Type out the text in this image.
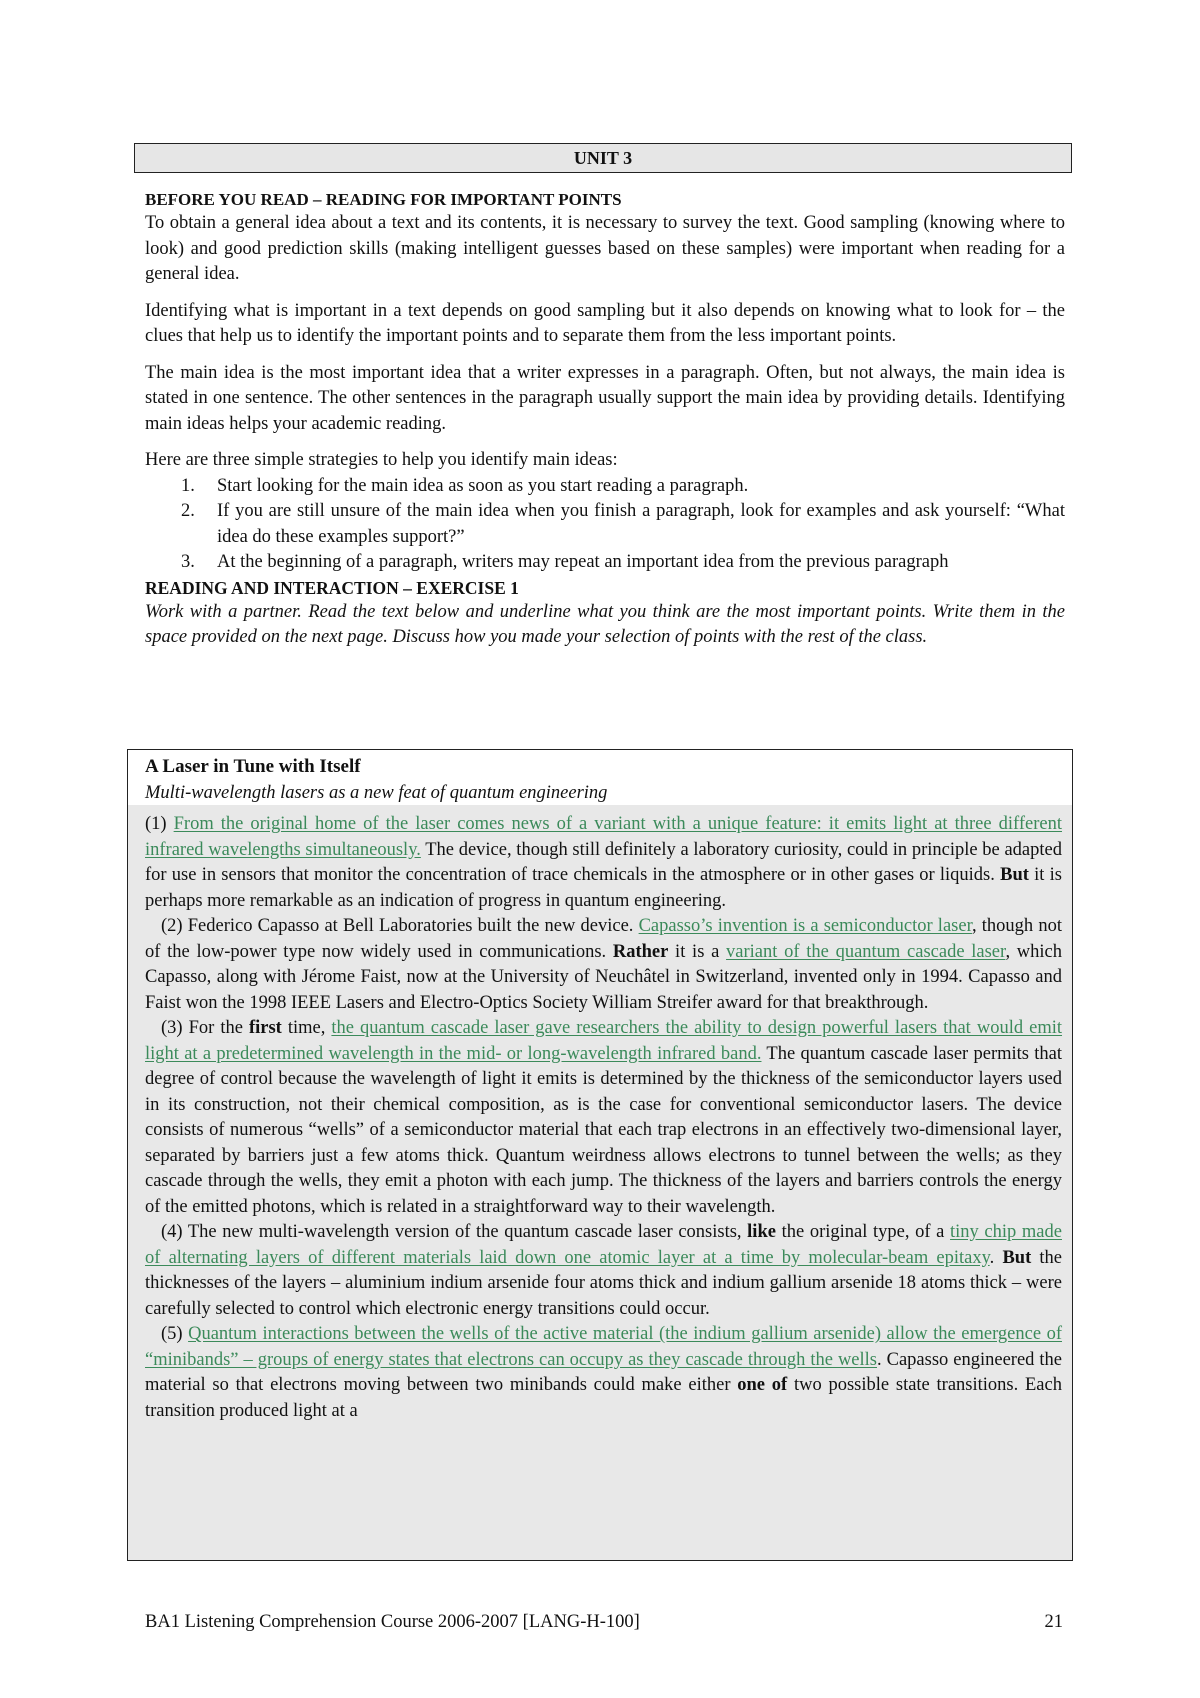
UNIT 3
BEFORE YOU READ – READING FOR IMPORTANT POINTS

To obtain a general idea about a text and its contents, it is necessary to survey the text. Good sampling (knowing where to look) and good prediction skills (making intelligent guesses based on these samples) were important when reading for a general idea.

Identifying what is important in a text depends on good sampling but it also depends on knowing what to look for – the clues that help us to identify the important points and to separate them from the less important points.

The main idea is the most important idea that a writer expresses in a paragraph. Often, but not always, the main idea is stated in one sentence. The other sentences in the paragraph usually support the main idea by providing details. Identifying main ideas helps your academic reading.

Here are three simple strategies to help you identify main ideas:
1. Start looking for the main idea as soon as you start reading a paragraph.
2. If you are still unsure of the main idea when you finish a paragraph, look for examples and ask yourself: “What idea do these examples support?”
3. At the beginning of a paragraph, writers may repeat an important idea from the previous paragraph
READING AND INTERACTION – EXERCISE 1
Work with a partner. Read the text below and underline what you think are the most important points. Write them in the space provided on the next page. Discuss how you made your selection of points with the rest of the class.
A Laser in Tune with Itself
Multi-wavelength lasers as a new feat of quantum engineering

(1) From the original home of the laser comes news of a variant with a unique feature: it emits light at three different infrared wavelengths simultaneously. The device, though still definitely a laboratory curiosity, could in principle be adapted for use in sensors that monitor the concentration of trace chemicals in the atmosphere or in other gases or liquids. But it is perhaps more remarkable as an indication of progress in quantum engineering.

(2) Federico Capasso at Bell Laboratories built the new device. Capasso’s invention is a semiconductor laser, though not of the low-power type now widely used in communications. Rather it is a variant of the quantum cascade laser, which Capasso, along with Jérome Faist, now at the University of Neuchâtel in Switzerland, invented only in 1994. Capasso and Faist won the 1998 IEEE Lasers and Electro-Optics Society William Streifer award for that breakthrough.

(3) For the first time, the quantum cascade laser gave researchers the ability to design powerful lasers that would emit light at a predetermined wavelength in the mid- or long-wavelength infrared band. The quantum cascade laser permits that degree of control because the wavelength of light it emits is determined by the thickness of the semiconductor layers used in its construction, not their chemical composition, as is the case for conventional semiconductor lasers. The device consists of numerous “wells” of a semiconductor material that each trap electrons in an effectively two-dimensional layer, separated by barriers just a few atoms thick. Quantum weirdness allows electrons to tunnel between the wells; as they cascade through the wells, they emit a photon with each jump. The thickness of the layers and barriers controls the energy of the emitted photons, which is related in a straightforward way to their wavelength.

(4) The new multi-wavelength version of the quantum cascade laser consists, like the original type, of a tiny chip made of alternating layers of different materials laid down one atomic layer at a time by molecular-beam epitaxy. But the thicknesses of the layers – aluminium indium arsenide four atoms thick and indium gallium arsenide 18 atoms thick – were carefully selected to control which electronic energy transitions could occur.

(5) Quantum interactions between the wells of the active material (the indium gallium arsenide) allow the emergence of “minibands” – groups of energy states that electrons can occupy as they cascade through the wells. Capasso engineered the material so that electrons moving between two minibands could make either one of two possible state transitions. Each transition produced light at a

BA1 Listening Comprehension Course 2006-2007 [LANG-H-100]	21
